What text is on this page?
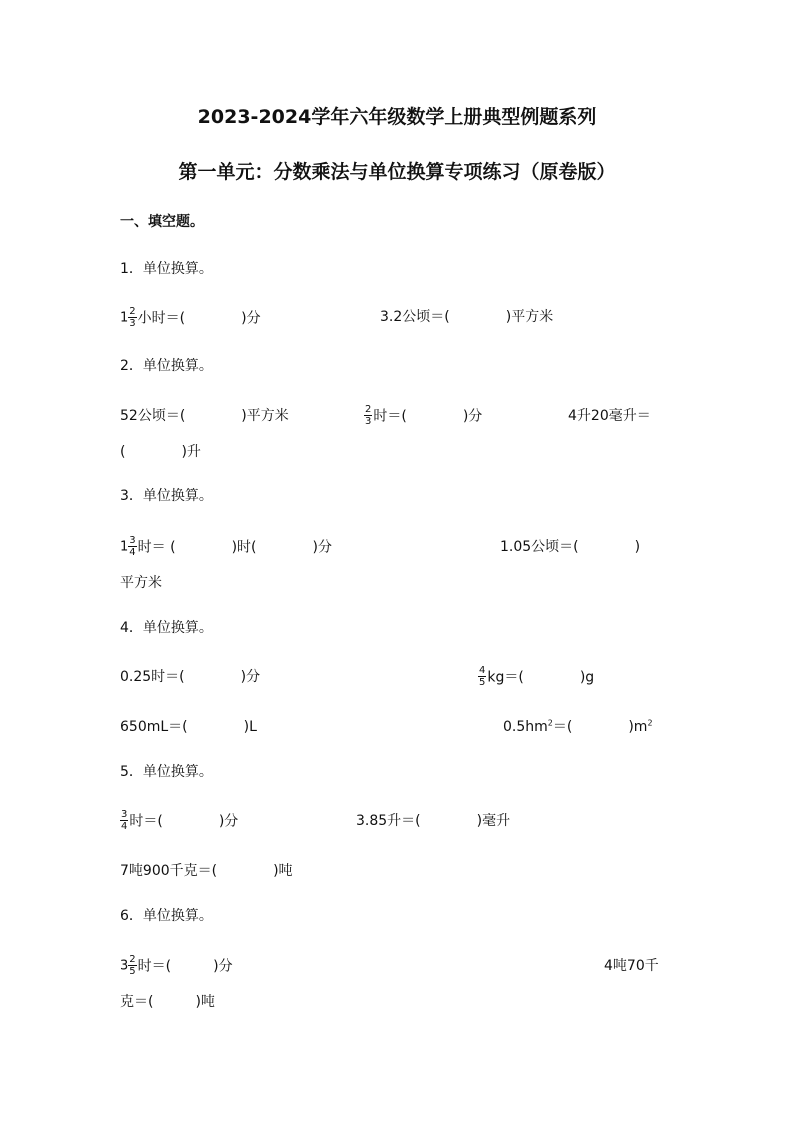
2023-2024学年六年级数学上册典型例题系列
第一单元：分数乘法与单位换算专项练习（原卷版）
一、填空题。
1．单位换算。
$1 \frac{2}{3}$ 小时＝(　　　　)分	3.2公顷＝(　　　　)平方米
2．单位换算。
52公顷＝(　　　　)平方米	$\frac{2}{3}$ 时＝(　　　　)分	4升20毫升＝
(　　　　)升
3．单位换算。
$1 \frac{3}{4}$ 时＝ (　　　　)时(　　　　)分	1.05公顷＝(　　　　)
平方米
4．单位换算。
0.25时＝(　　　　)分	$\frac{4}{5} kg=$(　　　　)g
650mL＝(　　　　)L	$0.5hm^2=$(　　　　)$m^2$
5．单位换算。
$\frac{3}{4}$ 时＝(　　　　)分	3.85升＝(　　　　)毫升
7吨900千克＝(　　　　)吨
6．单位换算。
$3 \frac{2}{5}$ 时＝(　　　)分	4吨70千
克＝(　　　)吨
